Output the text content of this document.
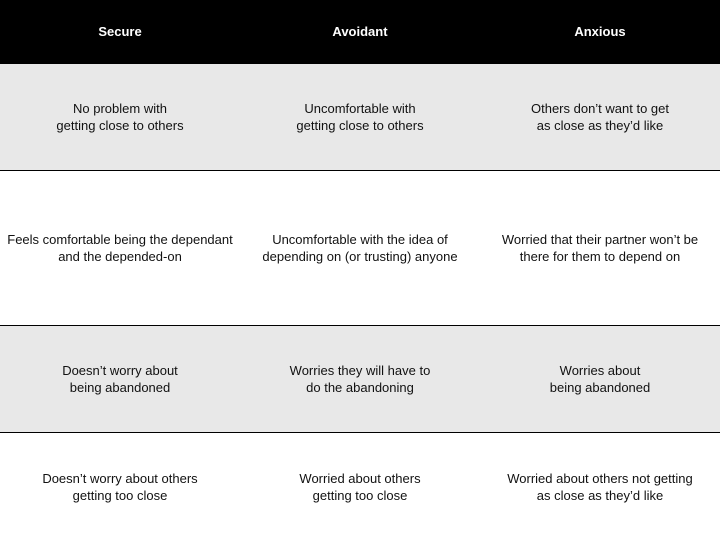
Secure	Avoidant	Anxious
No problem with
getting close to others
Uncomfortable with
getting close to others
Others don’t want to get
as close as they’d like
Feels comfortable being the dependant
and the depended-on
Uncomfortable with the idea of
depending on (or trusting) anyone
Worried that their partner won’t be
there for them to depend on
Doesn’t worry about
being abandoned
Worries they will have to
do the abandoning
Worries about
being abandoned
Doesn’t worry about others
getting too close
Worried about others
getting too close
Worried about others not getting
as close as they’d like
